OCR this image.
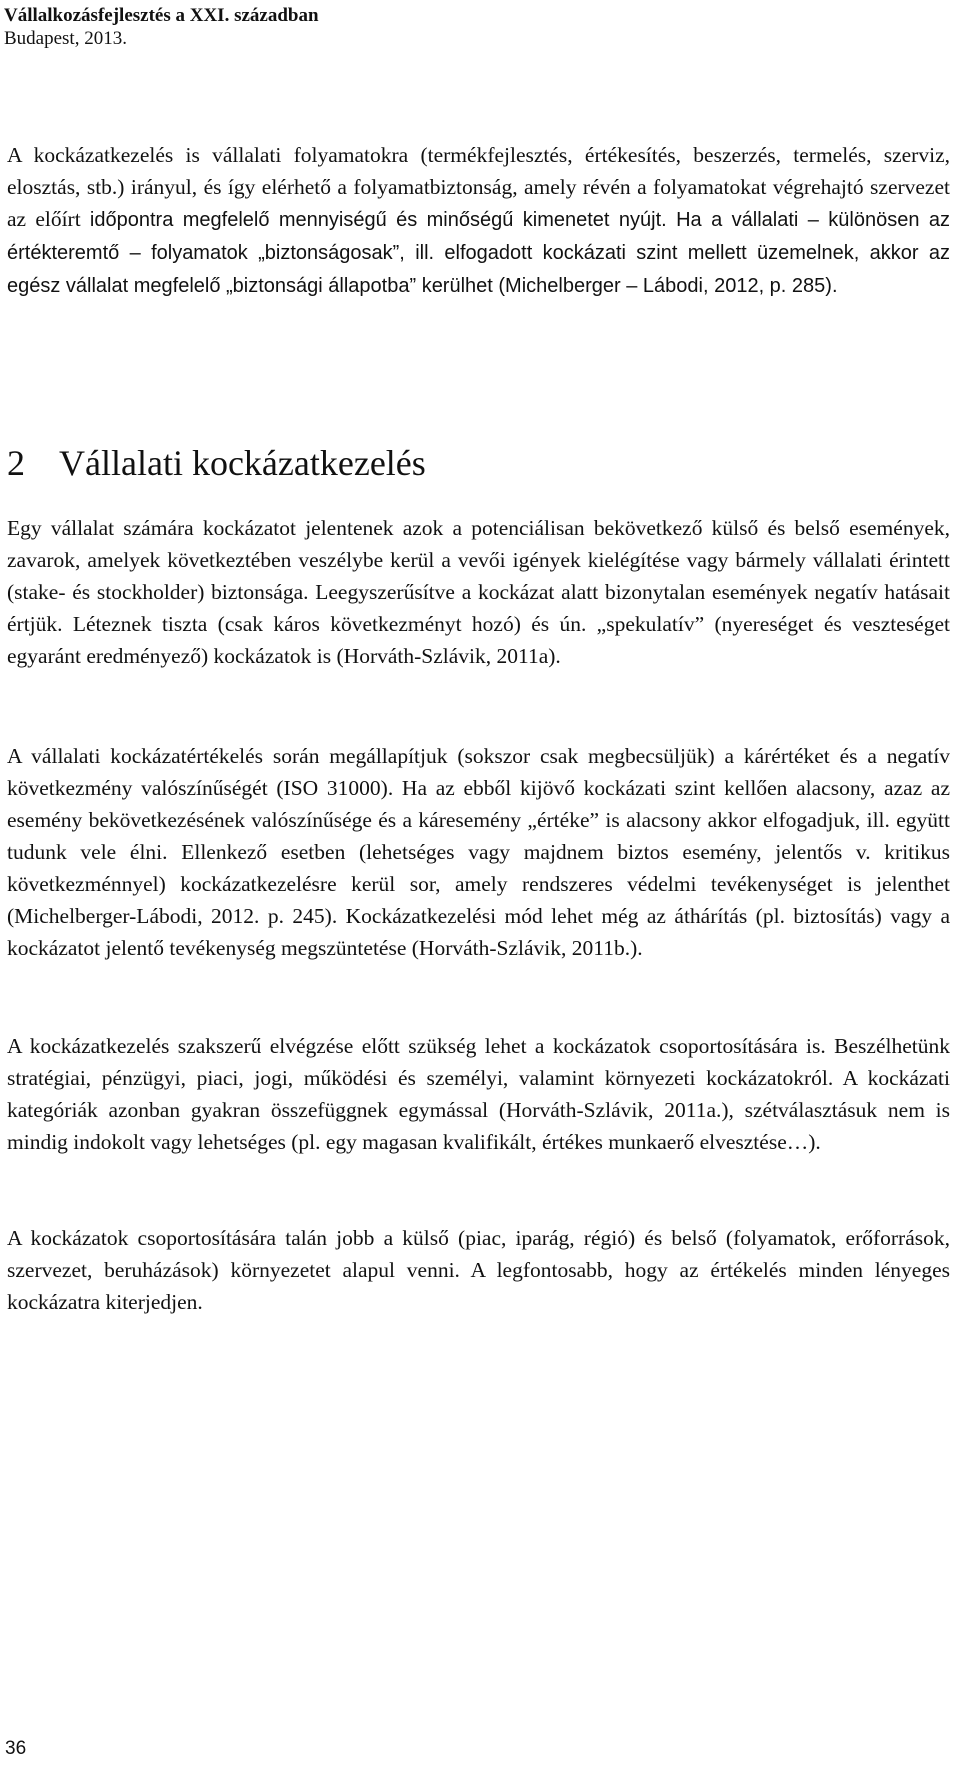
Vállalkozásfejlesztés a XXI. században
Budapest, 2013.

A kockázatkezelés is vállalati folyamatokra (termékfejlesztés, értékesítés, beszerzés, termelés, szerviz, elosztás, stb.) irányul, és így elérhető a folyamatbiztonság, amely révén a folyamatokat végrehajtó szervezet az előírt időpontra megfelelő mennyiségű és minőségű kimenetet nyújt. Ha a vállalati – különösen az értékteremtő – folyamatok „biztonságosak”, ill. elfogadott kockázati szint mellett üzemelnek, akkor az egész vállalat megfelelő „biztonsági állapotba” kerülhet (Michelberger – Lábodi, 2012, p. 285).

2 Vállalati kockázatkezelés

Egy vállalat számára kockázatot jelentenek azok a potenciálisan bekövetkező külső és belső események, zavarok, amelyek következtében veszélybe kerül a vevői igények kielégítése vagy bármely vállalati érintett (stake- és stockholder) biztonsága. Leegyszerűsítve a kockázat alatt bizonytalan események negatív hatásait értjük. Léteznek tiszta (csak káros következményt hozó) és ún. „spekulatív” (nyereséget és veszteséget egyaránt eredményező) kockázatok is (Horváth-Szlávik, 2011a).

A vállalati kockázatértékelés során megállapítjuk (sokszor csak megbecsüljük) a kárértéket és a negatív következmény valószínűségét (ISO 31000). Ha az ebből kijövő kockázati szint kellően alacsony, azaz az esemény bekövetkezésének valószínűsége és a káresemény „értéke” is alacsony akkor elfogadjuk, ill. együtt tudunk vele élni. Ellenkező esetben (lehetséges vagy majdnem biztos esemény, jelentős v. kritikus következménnyel) kockázatkezelésre kerül sor, amely rendszeres védelmi tevékenységet is jelenthet (Michelberger-Lábodi, 2012. p. 245). Kockázatkezelési mód lehet még az áthárítás (pl. biztosítás) vagy a kockázatot jelentő tevékenység megszüntetése (Horváth-Szlávik, 2011b.).

A kockázatkezelés szakszerű elvégzése előtt szükség lehet a kockázatok csoportosítására is. Beszélhetünk stratégiai, pénzügyi, piaci, jogi, működési és személyi, valamint környezeti kockázatokról. A kockázati kategóriák azonban gyakran összefüggnek egymással (Horváth-Szlávik, 2011a.), szétválasztásuk nem is mindig indokolt vagy lehetséges (pl. egy magasan kvalifikált, értékes munkaerő elvesztése…).

A kockázatok csoportosítására talán jobb a külső (piac, iparág, régió) és belső (folyamatok, erőforrások, szervezet, beruházások) környezetet alapul venni. A legfontosabb, hogy az értékelés minden lényeges kockázatra kiterjedjen.

36
